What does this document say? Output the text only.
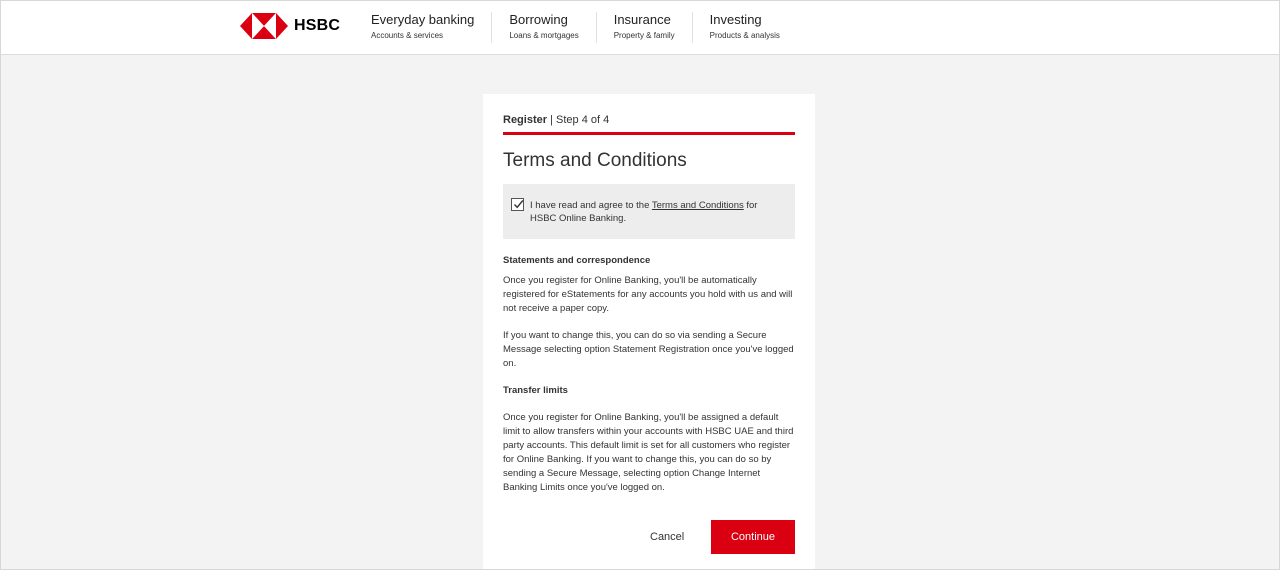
HSBC Everyday banking
Accounts & services
Borrowing
Loans & mortgages
Insurance
Property & family
Investing
Products & analysis
Register | Step 4 of 4
Terms and Conditions
I have read and agree to the Terms and Conditions for HSBC Online Banking.
Statements and correspondence

Once you register for Online Banking, you'll be automatically registered for eStatements for any accounts you hold with us and will not receive a paper copy.

If you want to change this, you can do so via sending a Secure Message selecting option Statement Registration once you've logged on.

Transfer limits

Once you register for Online Banking, you'll be assigned a default limit to allow transfers within your accounts with HSBC UAE and third party accounts. This default limit is set for all customers who register for Online Banking. If you want to change this, you can do so by sending a Secure Message, selecting option Change Internet Banking Limits once you've logged on.

Cancel	Continue
